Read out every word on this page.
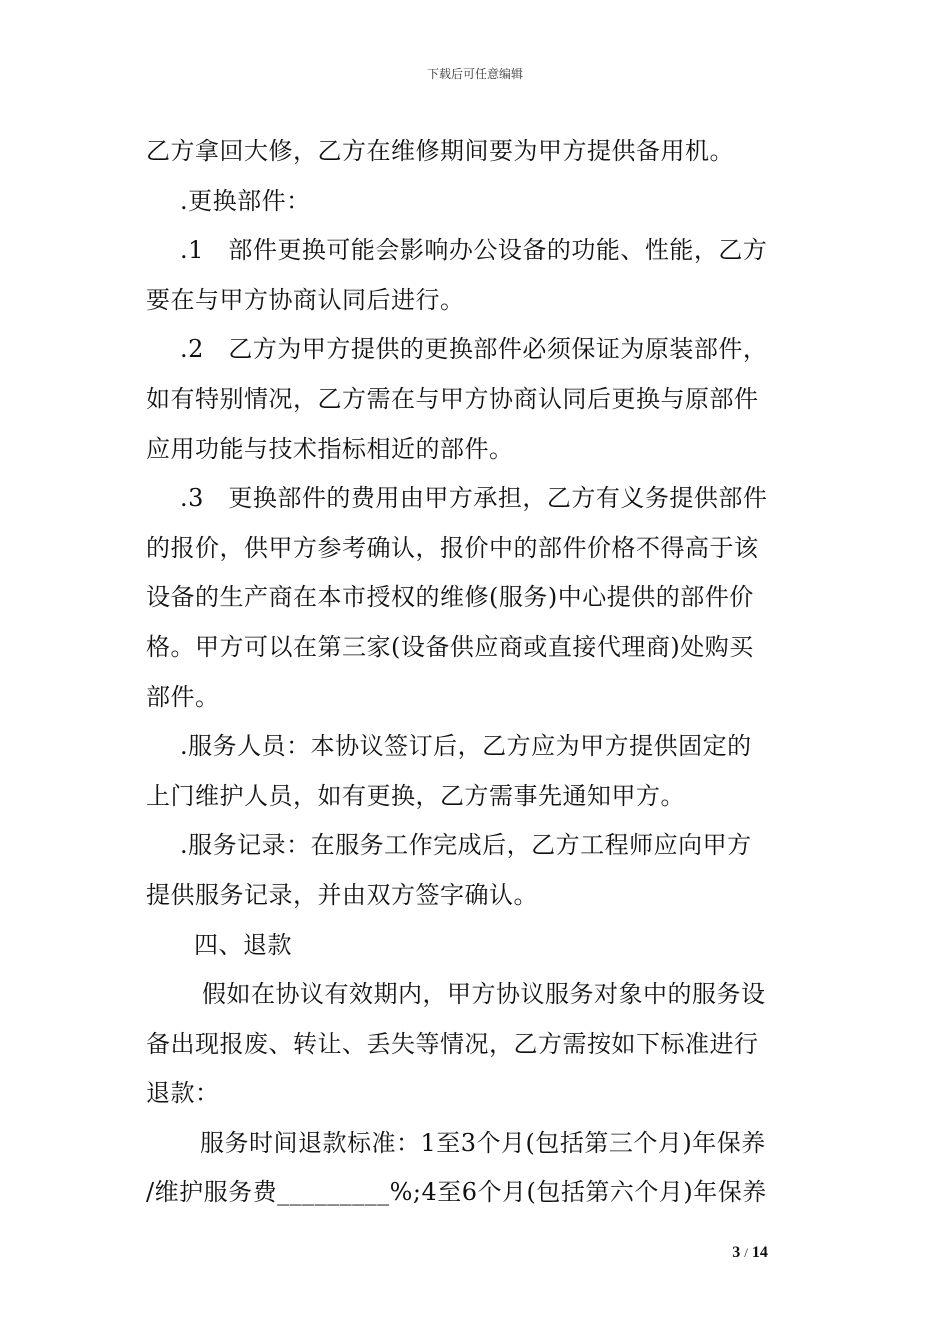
下载后可任意编辑
乙方拿回大修，乙方在维修期间要为甲方提供备用机。
.更换部件：
.1　部件更换可能会影响办公设备的功能、性能，乙方
要在与甲方协商认同后进行。
.2　乙方为甲方提供的更换部件必须保证为原装部件，
如有特别情况，乙方需在与甲方协商认同后更换与原部件
应用功能与技术指标相近的部件。
.3　更换部件的费用由甲方承担，乙方有义务提供部件
的报价，供甲方参考确认，报价中的部件价格不得高于该
设备的生产商在本市授权的维修(服务)中心提供的部件价
格。甲方可以在第三家(设备供应商或直接代理商)处购买
部件。
.服务人员：本协议签订后，乙方应为甲方提供固定的
上门维护人员，如有更换，乙方需事先通知甲方。
.服务记录：在服务工作完成后，乙方工程师应向甲方
提供服务记录，并由双方签字确认。
四、退款
假如在协议有效期内，甲方协议服务对象中的服务设
备出现报废、转让、丢失等情况，乙方需按如下标准进行
退款：
服务时间退款标准：1至3个月(包括第三个月)年保养
/维护服务费_________%;4至6个月(包括第六个月)年保养
3 / 14
